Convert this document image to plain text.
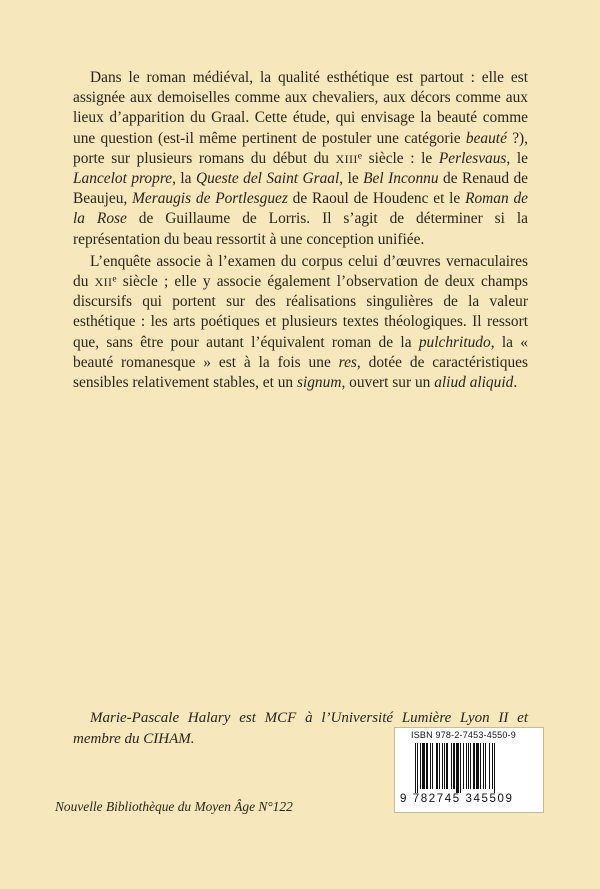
Dans le roman médiéval, la qualité esthétique est partout : elle est assignée aux demoiselles comme aux chevaliers, aux décors comme aux lieux d’apparition du Graal. Cette étude, qui envisage la beauté comme une question (est-il même pertinent de postuler une catégorie beauté ?), porte sur plusieurs romans du début du XIIIe siècle : le Perlesvaus, le Lancelot propre, la Queste del Saint Graal, le Bel Inconnu de Renaud de Beaujeu, Meraugis de Portlesguez de Raoul de Houdenc et le Roman de la Rose de Guillaume de Lorris. Il s’agit de déterminer si la représentation du beau ressortit à une conception unifiée.

L’enquête associe à l’examen du corpus celui d’œuvres vernaculaires du XIIe siècle ; elle y associe également l’observation de deux champs discursifs qui portent sur des réalisations singulières de la valeur esthétique : les arts poétiques et plusieurs textes théologiques. Il ressort que, sans être pour autant l’équivalent roman de la pulchritudo, la « beauté romanesque » est à la fois une res, dotée de caractéristiques sensibles relativement stables, et un signum, ouvert sur un aliud aliquid.

Marie-Pascale Halary est MCF à l’Université Lumière Lyon II et membre du CIHAM.

Nouvelle Bibliothèque du Moyen Âge N°122
ISBN 978-2-7453-4550-9
9 782745 345509
